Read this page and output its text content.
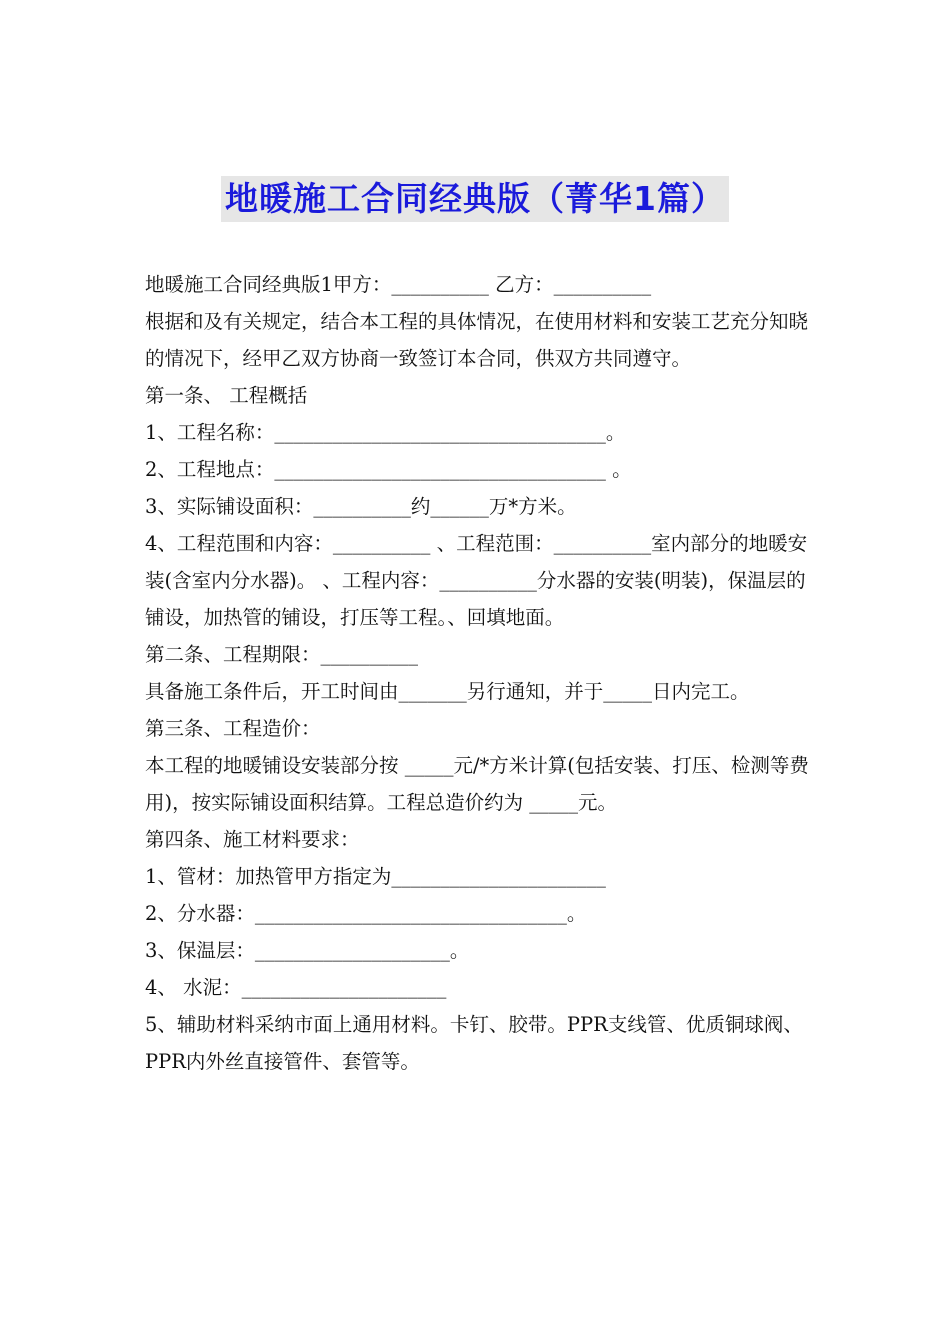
地暖施工合同经典版（菁华1篇）

地暖施工合同经典版1甲方：__________ 乙方：__________

根据和及有关规定，结合本工程的具体情况，在使用材料和安装工艺充分知晓的情况下，经甲乙双方协商一致签订本合同，供双方共同遵守。

第一条、 工程概括

1、工程名称：__________________________________。

2、工程地点：__________________________________ 。

3、实际铺设面积：__________约______万*方米。

4、工程范围和内容：__________ 、工程范围：__________室内部分的地暖安装(含室内分水器)。 、工程内容：__________分水器的安装(明装)，保温层的铺设，加热管的铺设，打压等工程。、回填地面。

第二条、工程期限：__________

具备施工条件后，开工时间由_______另行通知，并于_____日内完工。

第三条、工程造价：

本工程的地暖铺设安装部分按 _____元/*方米计算(包括安装、打压、检测等费用)，按实际铺设面积结算。工程总造价约为 _____元。

第四条、施工材料要求：

1、管材：加热管甲方指定为______________________

2、分水器：________________________________。

3、保温层：____________________。

4、 水泥：_____________________

5、辅助材料采纳市面上通用材料。卡钉、胶带。PPR支线管、优质铜球阀、PPR内外丝直接管件、套管等。
